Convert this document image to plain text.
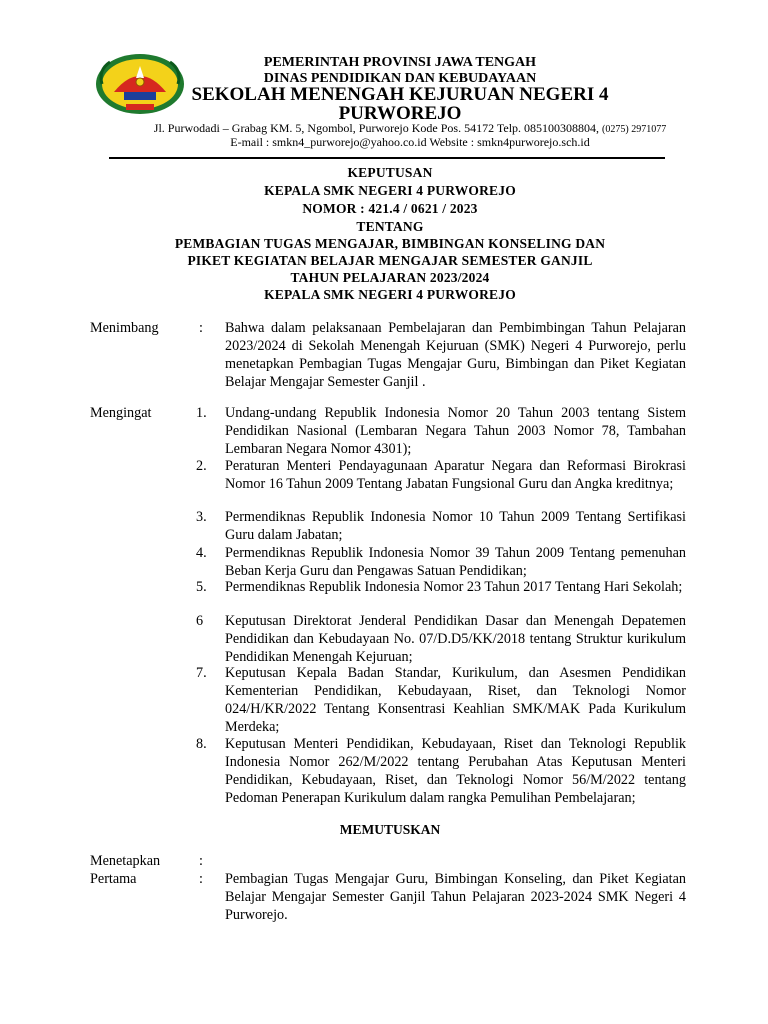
PEMERINTAH PROVINSI JAWA TENGAH
DINAS PENDIDIKAN DAN KEBUDAYAAN
SEKOLAH MENENGAH KEJURUAN NEGERI 4
PURWOREJO
Jl. Purwodadi – Grabag KM. 5, Ngombol, Purworejo Kode Pos. 54172 Telp. 085100308804, (0275) 2971077
E-mail : smkn4_purworejo@yahoo.co.id Website : smkn4purworejo.sch.id
KEPUTUSAN
KEPALA SMK NEGERI 4 PURWOREJO
NOMOR : 421.4 / 0621 / 2023
TENTANG
PEMBAGIAN TUGAS MENGAJAR, BIMBINGAN KONSELING DAN
PIKET KEGIATAN BELAJAR MENGAJAR SEMESTER GANJIL
TAHUN PELAJARAN 2023/2024
KEPALA SMK NEGERI 4 PURWOREJO
Menimbang	: Bahwa dalam pelaksanaan Pembelajaran dan Pembimbingan Tahun Pelajaran 2023/2024 di Sekolah Menengah Kejuruan (SMK) Negeri 4 Purworejo, perlu menetapkan Pembagian Tugas Mengajar Guru, Bimbingan dan Piket Kegiatan Belajar Mengajar Semester Ganjil .
Mengingat	1. Undang-undang Republik Indonesia Nomor 20 Tahun 2003 tentang Sistem Pendidikan Nasional (Lembaran Negara Tahun 2003 Nomor 78, Tambahan Lembaran Negara Nomor 4301);
2. Peraturan Menteri Pendayagunaan Aparatur Negara dan Reformasi Birokrasi Nomor 16 Tahun 2009 Tentang Jabatan Fungsional Guru dan Angka kreditnya;
3. Permendiknas Republik Indonesia Nomor 10 Tahun 2009 Tentang Sertifikasi Guru dalam Jabatan;
4. Permendiknas Republik Indonesia Nomor 39 Tahun 2009 Tentang pemenuhan Beban Kerja Guru dan Pengawas Satuan Pendidikan;
5. Permendiknas Republik Indonesia Nomor 23 Tahun 2017 Tentang Hari Sekolah;
6 Keputusan Direktorat Jenderal Pendidikan Dasar dan Menengah Depatemen Pendidikan dan Kebudayaan No. 07/D.D5/KK/2018 tentang Struktur kurikulum Pendidikan Menengah Kejuruan;
7. Keputusan Kepala Badan Standar, Kurikulum, dan Asesmen Pendidikan Kementerian Pendidikan, Kebudayaan, Riset, dan Teknologi Nomor 024/H/KR/2022 Tentang Konsentrasi Keahlian SMK/MAK Pada Kurikulum Merdeka;
8. Keputusan Menteri Pendidikan, Kebudayaan, Riset dan Teknologi Republik Indonesia Nomor 262/M/2022 tentang Perubahan Atas Keputusan Menteri Pendidikan, Kebudayaan, Riset, dan Teknologi Nomor 56/M/2022 tentang Pedoman Penerapan Kurikulum dalam rangka Pemulihan Pembelajaran;
MEMUTUSKAN
Menetapkan	:
Pertama	: Pembagian Tugas Mengajar Guru, Bimbingan Konseling, dan Piket Kegiatan Belajar Mengajar Semester Ganjil Tahun Pelajaran 2023-2024 SMK Negeri 4 Purworejo.
